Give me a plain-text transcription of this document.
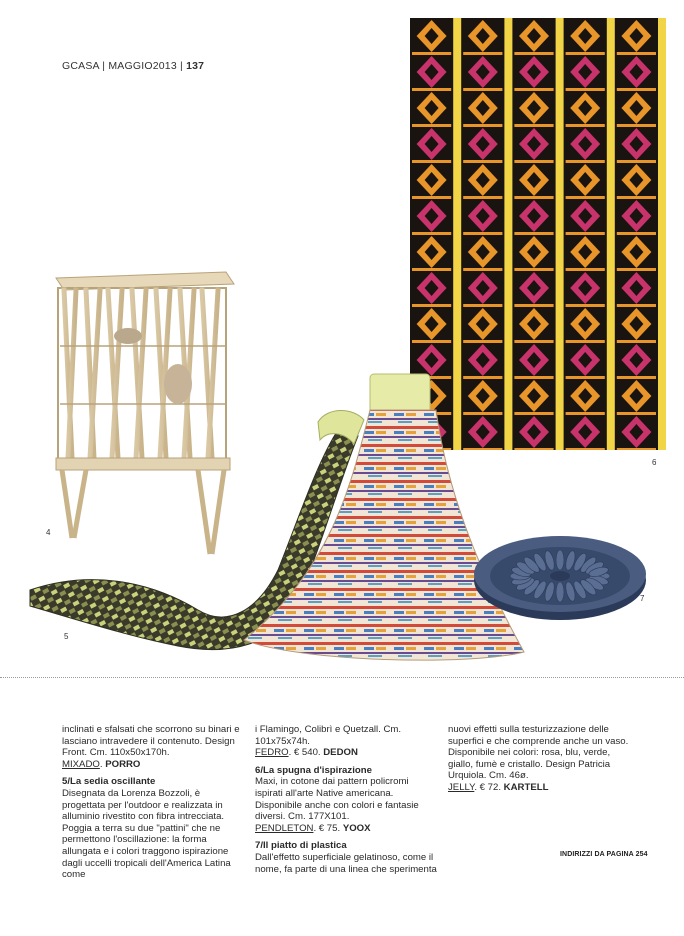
GCASA | MAGGIO2013 | 137
6
4
5
7

inclinati e sfalsati che scorrono su binari e lasciano intravedere il contenuto. Design Front. Cm. 110x50x170h.
MIXADO. PORRO

5/La sedia oscillante
Disegnata da Lorenza Bozzoli, è progettata per l'outdoor e realizzata in alluminio rivestito con fibra intrecciata. Poggia a terra su due "pattini" che ne permettono l'oscillazione: la forma allungata e i colori traggono ispirazione dagli uccelli tropicali dell'America Latina come

i Flamingo, Colibrì e Quetzall. Cm. 101x75x74h.
FEDRO. € 540. DEDON

6/La spugna d'ispirazione
Maxi, in cotone dai pattern policromi ispirati all'arte Native americana. Disponibile anche con colori e fantasie diversi. Cm. 177X101.
PENDLETON. € 75. YOOX

7/Il piatto di plastica
Dall'effetto superficiale gelatinoso, come il nome, fa parte di una linea che sperimenta

nuovi effetti sulla testurizzazione delle superfici e che comprende anche un vaso. Disponibile nei colori: rosa, blu, verde, giallo, fumè e cristallo. Design Patricia Urquiola. Cm. 46ø.
JELLY. € 72. KARTELL

INDIRIZZI DA PAGINA 254
